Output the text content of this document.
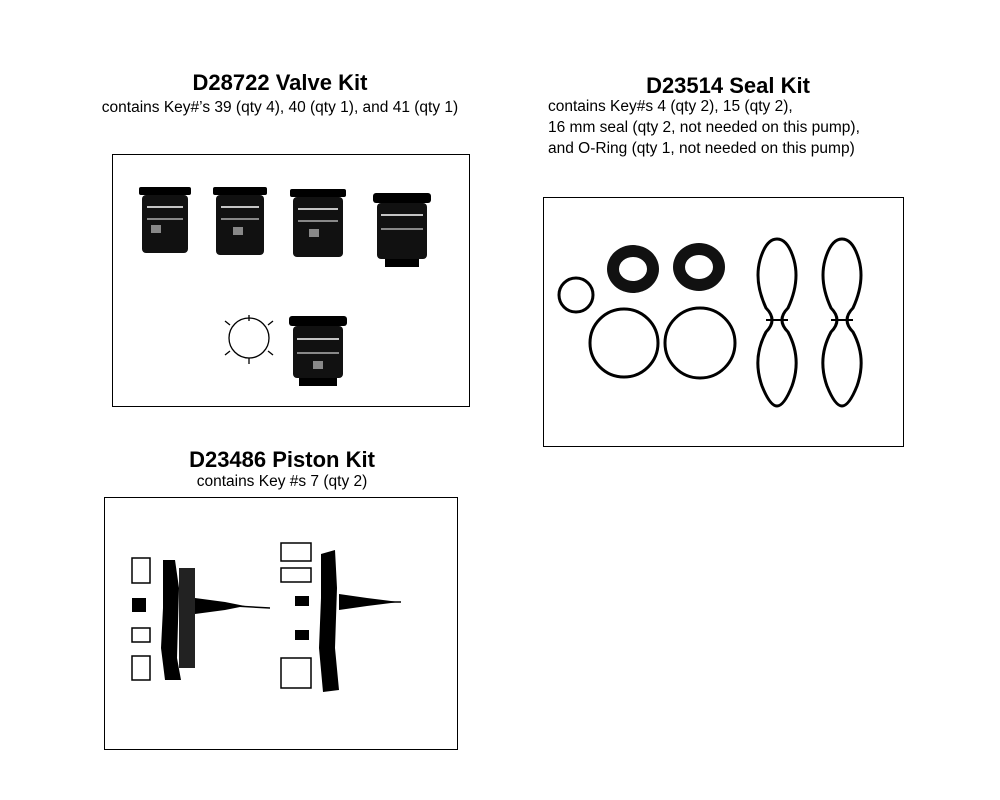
D28722 Valve Kit

contains Key#’s 39 (qty 4), 40 (qty 1), and 41 (qty 1)

D23514 Seal Kit
contains Key#s 4 (qty 2), 15 (qty 2),
16 mm seal (qty 2, not needed on this pump),
and O-Ring (qty 1, not needed on this pump)
D23486 Piston Kit

contains Key #s 7 (qty 2)
